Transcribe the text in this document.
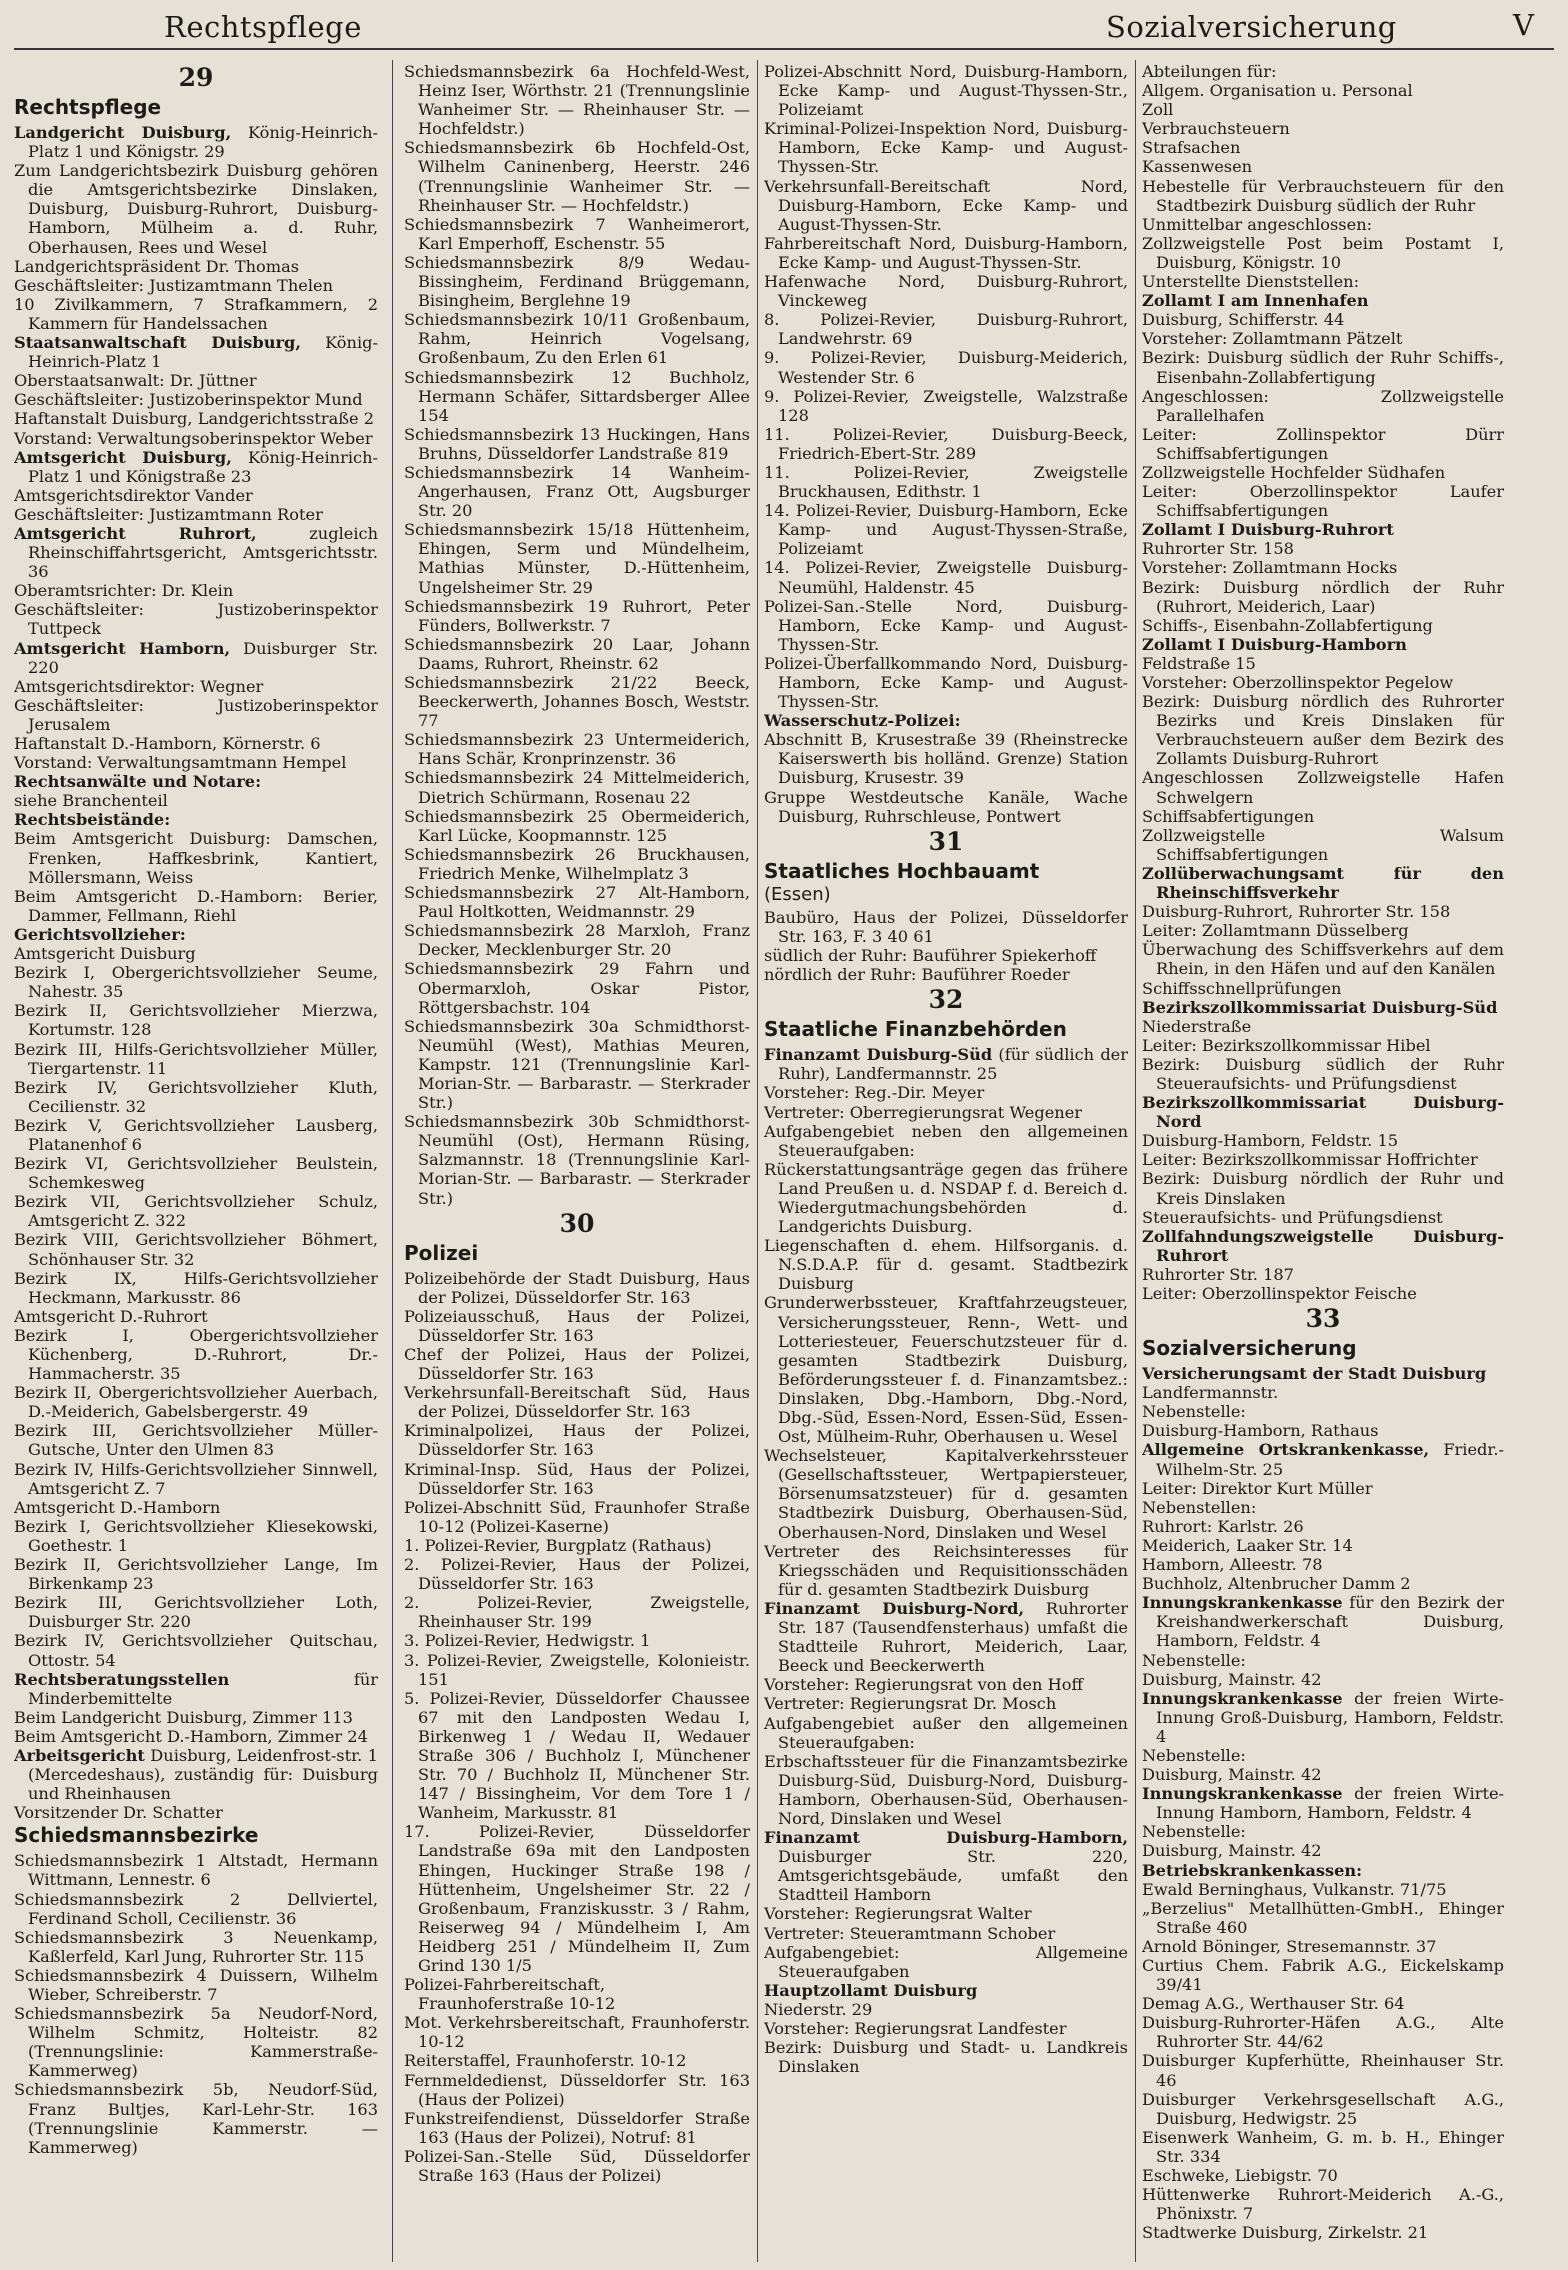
Rechtspflege	Sozialversicherung	V
29
Rechtspflege
Landgericht Duisburg, König-Heinrich-Platz 1 und Königstr. 29
Zum Landgerichtsbezirk Duisburg gehören die Amtsgerichtsbezirke Dinslaken, Duisburg, Duisburg-Ruhrort, Duisburg-Hamborn, Mülheim a. d. Ruhr, Oberhausen, Rees und Wesel
Landgerichtspräsident Dr. Thomas
Geschäftsleiter: Justizamtmann Thelen
10 Zivilkammern, 7 Strafkammern, 2 Kammern für Handelssachen
Staatsanwaltschaft Duisburg, König-Heinrich-Platz 1
Oberstaatsanwalt: Dr. Jüttner
Geschäftsleiter: Justizoberinspektor Mund
Haftanstalt Duisburg, Landgerichtsstraße 2
Vorstand: Verwaltungsoberinspektor Weber
Amtsgericht Duisburg, König-Heinrich-Platz 1 und Königstraße 23
Amtsgerichtsdirektor Vander
Geschäftsleiter: Justizamtmann Roter
Amtsgericht Ruhrort, zugleich Rheinschiffahrtsgericht, Amtsgerichtsstr. 36
Oberamtsrichter: Dr. Klein
Geschäftsleiter: Justizoberinspektor Tuttpeck
Amtsgericht Hamborn, Duisburger Str. 220
Amtsgerichtsdirektor: Wegner
Geschäftsleiter: Justizoberinspektor Jerusalem
Haftanstalt D.-Hamborn, Körnerstr. 6
Vorstand: Verwaltungsamtmann Hempel
Rechtsanwälte und Notare:
siehe Branchenteil
Rechtsbeistände:
Beim Amtsgericht Duisburg: Damschen, Frenken, Haffkesbrink, Kantiert, Möllersmann, Weiss
Beim Amtsgericht D.-Hamborn: Berier, Dammer, Fellmann, Riehl
Gerichtsvollzieher:
Amtsgericht Duisburg
Bezirk I, Obergerichtsvollzieher Seume, Nahestr. 35
Bezirk II, Gerichtsvollzieher Mierzwa, Kortumstr. 128
Bezirk III, Hilfs-Gerichtsvollzieher Müller, Tiergartenstr. 11
Bezirk IV, Gerichtsvollzieher Kluth, Cecilienstr. 32
Bezirk V, Gerichtsvollzieher Lausberg, Platanenhof 6
Bezirk VI, Gerichtsvollzieher Beulstein, Schemkesweg
Bezirk VII, Gerichtsvollzieher Schulz, Amtsgericht Z. 322
Bezirk VIII, Gerichtsvollzieher Böhmert, Schönhauser Str. 32
Bezirk IX, Hilfs-Gerichtsvollzieher Heckmann, Markusstr. 86
Amtsgericht D.-Ruhrort
Bezirk I, Obergerichtsvollzieher Küchenberg, D.-Ruhrort, Dr.-Hammacherstr. 35
Bezirk II, Obergerichtsvollzieher Auerbach, D.-Meiderich, Gabelsbergerstr. 49
Bezirk III, Gerichtsvollzieher Müller-Gutsche, Unter den Ulmen 83
Bezirk IV, Hilfs-Gerichtsvollzieher Sinnwell, Amtsgericht Z. 7
Amtsgericht D.-Hamborn
Bezirk I, Gerichtsvollzieher Kliesekowski, Goethestr. 1
Bezirk II, Gerichtsvollzieher Lange, Im Birkenkamp 23
Bezirk III, Gerichtsvollzieher Loth, Duisburger Str. 220
Bezirk IV, Gerichtsvollzieher Quitschau, Ottostr. 54
Rechtsberatungsstellen für Minderbemittelte
Beim Landgericht Duisburg, Zimmer 113
Beim Amtsgericht D.-Hamborn, Zimmer 24
Arbeitsgericht Duisburg, Leidenfrost-str. 1 (Mercedeshaus), zuständig für: Duisburg und Rheinhausen
Vorsitzender Dr. Schatter
Schiedsmannsbezirke
Schiedsmannsbezirk 1 Altstadt, Hermann Wittmann, Lennestr. 6
Schiedsmannsbezirk 2 Dellviertel, Ferdinand Scholl, Cecilienstr. 36
Schiedsmannsbezirk 3 Neuenkamp, Kaßlerfeld, Karl Jung, Ruhrorter Str. 115
Schiedsmannsbezirk 4 Duissern, Wilhelm Wieber, Schreiberstr. 7
Schiedsmannsbezirk 5a Neudorf-Nord, Wilhelm Schmitz, Holteistr. 82 (Trennungslinie: Kammerstraße-Kammerweg)
Schiedsmannsbezirk 5b, Neudorf-Süd, Franz Bultjes, Karl-Lehr-Str. 163 (Trennungslinie Kammerstr. — Kammerweg)
Schiedsmannsbezirk 6a Hochfeld-West, Heinz Iser, Wörthstr. 21 (Trennungslinie Wanheimer Str. — Rheinhauser Str. — Hochfeldstr.)
Schiedsmannsbezirk 6b Hochfeld-Ost, Wilhelm Caninenberg, Heerstr. 246 (Trennungslinie Wanheimer Str. — Rheinhauser Str. — Hochfeldstr.)
Schiedsmannsbezirk 7 Wanheimerort, Karl Emperhoff, Eschenstr. 55
Schiedsmannsbezirk 8/9 Wedau-Bissingheim, Ferdinand Brüggemann, Bisingheim, Berglehne 19
Schiedsmannsbezirk 10/11 Großenbaum, Rahm, Heinrich Vogelsang, Großenbaum, Zu den Erlen 61
Schiedsmannsbezirk 12 Buchholz, Hermann Schäfer, Sittardsberger Allee 154
Schiedsmannsbezirk 13 Huckingen, Hans Bruhns, Düsseldorfer Landstraße 819
Schiedsmannsbezirk 14 Wanheim-Angerhausen, Franz Ott, Augsburger Str. 20
Schiedsmannsbezirk 15/18 Hüttenheim, Ehingen, Serm und Mündelheim, Mathias Münster, D.-Hüttenheim, Ungelsheimer Str. 29
Schiedsmannsbezirk 19 Ruhrort, Peter Fünders, Bollwerkstr. 7
Schiedsmannsbezirk 20 Laar, Johann Daams, Ruhrort, Rheinstr. 62
Schiedsmannsbezirk 21/22 Beeck, Beeckerwerth, Johannes Bosch, Weststr. 77
Schiedsmannsbezirk 23 Untermeiderich, Hans Schär, Kronprinzenstr. 36
Schiedsmannsbezirk 24 Mittelmeiderich, Dietrich Schürmann, Rosenau 22
Schiedsmannsbezirk 25 Obermeiderich, Karl Lücke, Koopmannstr. 125
Schiedsmannsbezirk 26 Bruckhausen, Friedrich Menke, Wilhelmplatz 3
Schiedsmannsbezirk 27 Alt-Hamborn, Paul Holtkotten, Weidmannstr. 29
Schiedsmannsbezirk 28 Marxloh, Franz Decker, Mecklenburger Str. 20
Schiedsmannsbezirk 29 Fahrn und Obermarxloh, Oskar Pistor, Röttgersbachstr. 104
Schiedsmannsbezirk 30a Schmidthorst-Neumühl (West), Mathias Meuren, Kampstr. 121 (Trennungslinie Karl-Morian-Str. — Barbarastr. — Sterkrader Str.)
Schiedsmannsbezirk 30b Schmidthorst-Neumühl (Ost), Hermann Rüsing, Salzmannstr. 18 (Trennungslinie Karl-Morian-Str. — Barbarastr. — Sterkrader Str.)
30
Polizei
Polizeibehörde der Stadt Duisburg, Haus der Polizei, Düsseldorfer Str. 163
Polizeiausschuß, Haus der Polizei, Düsseldorfer Str. 163
Chef der Polizei, Haus der Polizei, Düsseldorfer Str. 163
Verkehrsunfall-Bereitschaft Süd, Haus der Polizei, Düsseldorfer Str. 163
Kriminalpolizei, Haus der Polizei, Düsseldorfer Str. 163
Kriminal-Insp. Süd, Haus der Polizei, Düsseldorfer Str. 163
Polizei-Abschnitt Süd, Fraunhofer Straße 10-12 (Polizei-Kaserne)
1. Polizei-Revier, Burgplatz (Rathaus)
2. Polizei-Revier, Haus der Polizei, Düsseldorfer Str. 163
2. Polizei-Revier, Zweigstelle, Rheinhauser Str. 199
3. Polizei-Revier, Hedwigstr. 1
3. Polizei-Revier, Zweigstelle, Kolonieistr. 151
5. Polizei-Revier, Düsseldorfer Chaussee 67 mit den Landposten Wedau I, Birkenweg 1 / Wedau II, Wedauer Straße 306 / Buchholz I, Münchener Str. 70 / Buchholz II, Münchener Str. 147 / Bissingheim, Vor dem Tore 1 / Wanheim, Markusstr. 81
17. Polizei-Revier, Düsseldorfer Landstraße 69a mit den Landposten Ehingen, Huckinger Straße 198 / Hüttenheim, Ungelsheimer Str. 22 / Großenbaum, Franziskusstr. 3 / Rahm, Reiserweg 94 / Mündelheim I, Am Heidberg 251 / Mündelheim II, Zum Grind 130 1/5
Polizei-Fahrbereitschaft, Fraunhoferstraße 10-12
Mot. Verkehrsbereitschaft, Fraunhoferstr. 10-12
Reiterstaffel, Fraunhoferstr. 10-12
Fernmeldedienst, Düsseldorfer Str. 163 (Haus der Polizei)
Funkstreifendienst, Düsseldorfer Straße 163 (Haus der Polizei), Notruf: 81
Polizei-San.-Stelle Süd, Düsseldorfer Straße 163 (Haus der Polizei)
Polizei-Abschnitt Nord, Duisburg-Hamborn, Ecke Kamp- und August-Thyssen-Str., Polizeiamt
Kriminal-Polizei-Inspektion Nord, Duisburg-Hamborn, Ecke Kamp- und August-Thyssen-Str.
Verkehrsunfall-Bereitschaft Nord, Duisburg-Hamborn, Ecke Kamp- und August-Thyssen-Str.
Fahrbereitschaft Nord, Duisburg-Hamborn, Ecke Kamp- und August-Thyssen-Str.
Hafenwache Nord, Duisburg-Ruhrort, Vinckeweg
8. Polizei-Revier, Duisburg-Ruhrort, Landwehrstr. 69
9. Polizei-Revier, Duisburg-Meiderich, Westender Str. 6
9. Polizei-Revier, Zweigstelle, Walzstraße 128
11. Polizei-Revier, Duisburg-Beeck, Friedrich-Ebert-Str. 289
11. Polizei-Revier, Zweigstelle Bruckhausen, Edithstr. 1
14. Polizei-Revier, Duisburg-Hamborn, Ecke Kamp- und August-Thyssen-Straße, Polizeiamt
14. Polizei-Revier, Zweigstelle Duisburg-Neumühl, Haldenstr. 45
Polizei-San.-Stelle Nord, Duisburg-Hamborn, Ecke Kamp- und August-Thyssen-Str.
Polizei-Überfallkommando Nord, Duisburg-Hamborn, Ecke Kamp- und August-Thyssen-Str.
Wasserschutz-Polizei:
Abschnitt B, Krusestraße 39 (Rheinstrecke Kaiserswerth bis holländ. Grenze) Station Duisburg, Krusestr. 39
Gruppe Westdeutsche Kanäle, Wache Duisburg, Ruhrschleuse, Pontwert
31
Staatliches Hochbauamt
(Essen)
Baubüro, Haus der Polizei, Düsseldorfer Str. 163, F. 3 40 61
südlich der Ruhr: Bauführer Spiekerhoff
nördlich der Ruhr: Bauführer Roeder
32
Staatliche Finanzbehörden
Finanzamt Duisburg-Süd (für südlich der Ruhr), Landfermannstr. 25
Vorsteher: Reg.-Dir. Meyer
Vertreter: Oberregierungsrat Wegener
Aufgabengebiet neben den allgemeinen Steueraufgaben:
Rückerstattungsanträge gegen das frühere Land Preußen u. d. NSDAP f. d. Bereich d. Wiedergutmachungsbehörden d. Landgerichts Duisburg.
Liegenschaften d. ehem. Hilfsorganis. d. N.S.D.A.P. für d. gesamt. Stadtbezirk Duisburg
Grunderwerbssteuer, Kraftfahrzeugsteuer, Versicherungssteuer, Renn-, Wett- und Lotteriesteuer, Feuerschutzsteuer für d. gesamten Stadtbezirk Duisburg, Beförderungssteuer f. d. Finanzamtsbez.: Dinslaken, Dbg.-Hamborn, Dbg.-Nord, Dbg.-Süd, Essen-Nord, Essen-Süd, Essen-Ost, Mülheim-Ruhr, Oberhausen u. Wesel
Wechselsteuer, Kapitalverkehrssteuer (Gesellschaftssteuer, Wertpapiersteuer, Börsenumsatzsteuer) für d. gesamten Stadtbezirk Duisburg, Oberhausen-Süd, Oberhausen-Nord, Dinslaken und Wesel
Vertreter des Reichsinteresses für Kriegsschäden und Requisitionsschäden für d. gesamten Stadtbezirk Duisburg
Finanzamt Duisburg-Nord, Ruhrorter Str. 187 (Tausendfensterhaus) umfaßt die Stadtteile Ruhrort, Meiderich, Laar, Beeck und Beeckerwerth
Vorsteher: Regierungsrat von den Hoff
Vertreter: Regierungsrat Dr. Mosch
Aufgabengebiet außer den allgemeinen Steueraufgaben:
Erbschaftssteuer für die Finanzamtsbezirke Duisburg-Süd, Duisburg-Nord, Duisburg-Hamborn, Oberhausen-Süd, Oberhausen-Nord, Dinslaken und Wesel
Finanzamt Duisburg-Hamborn, Duisburger Str. 220, Amtsgerichtsgebäude, umfaßt den Stadtteil Hamborn
Vorsteher: Regierungsrat Walter
Vertreter: Steueramtmann Schober
Aufgabengebiet: Allgemeine Steueraufgaben
Hauptzollamt Duisburg
Niederstr. 29
Vorsteher: Regierungsrat Landfester
Bezirk: Duisburg und Stadt- u. Landkreis Dinslaken
Abteilungen für:
Allgem. Organisation u. Personal
Zoll
Verbrauchsteuern
Strafsachen
Kassenwesen
Hebestelle für Verbrauchsteuern für den Stadtbezirk Duisburg südlich der Ruhr
Unmittelbar angeschlossen:
Zollzweigstelle Post beim Postamt I, Duisburg, Königstr. 10
Unterstellte Dienststellen:
Zollamt I am Innenhafen
Duisburg, Schifferstr. 44
Vorsteher: Zollamtmann Pätzelt
Bezirk: Duisburg südlich der Ruhr Schiffs-, Eisenbahn-Zollabfertigung
Angeschlossen: Zollzweigstelle Parallelhafen
Leiter: Zollinspektor Dürr Schiffsabfertigungen
Zollzweigstelle Hochfelder Südhafen
Leiter: Oberzollinspektor Laufer Schiffsabfertigungen
Zollamt I Duisburg-Ruhrort
Ruhrorter Str. 158
Vorsteher: Zollamtmann Hocks
Bezirk: Duisburg nördlich der Ruhr (Ruhrort, Meiderich, Laar)
Schiffs-, Eisenbahn-Zollabfertigung
Zollamt I Duisburg-Hamborn
Feldstraße 15
Vorsteher: Oberzollinspektor Pegelow
Bezirk: Duisburg nördlich des Ruhrorter Bezirks und Kreis Dinslaken für Verbrauchsteuern außer dem Bezirk des Zollamts Duisburg-Ruhrort
Angeschlossen Zollzweigstelle Hafen Schwelgern
Schiffsabfertigungen
Zollzweigstelle Walsum Schiffsabfertigungen
Zollüberwachungsamt für den Rheinschiffsverkehr
Duisburg-Ruhrort, Ruhrorter Str. 158
Leiter: Zollamtmann Düsselberg
Überwachung des Schiffsverkehrs auf dem Rhein, in den Häfen und auf den Kanälen
Schiffsschnellprüfungen
Bezirkszollkommissariat Duisburg-Süd
Niederstraße
Leiter: Bezirkszollkommissar Hibel
Bezirk: Duisburg südlich der Ruhr Steueraufsichts- und Prüfungsdienst
Bezirkszollkommissariat Duisburg-Nord
Duisburg-Hamborn, Feldstr. 15
Leiter: Bezirkszollkommissar Hoffrichter
Bezirk: Duisburg nördlich der Ruhr und Kreis Dinslaken
Steueraufsichts- und Prüfungsdienst
Zollfahndungszweigstelle Duisburg-Ruhrort
Ruhrorter Str. 187
Leiter: Oberzollinspektor Feische
33
Sozialversicherung
Versicherungsamt der Stadt Duisburg
Landfermannstr.
Nebenstelle:
Duisburg-Hamborn, Rathaus
Allgemeine Ortskrankenkasse, Friedr.-Wilhelm-Str. 25
Leiter: Direktor Kurt Müller
Nebenstellen:
Ruhrort: Karlstr. 26
Meiderich, Laaker Str. 14
Hamborn, Alleestr. 78
Buchholz, Altenbrucher Damm 2
Innungskrankenkasse für den Bezirk der Kreishandwerkerschaft Duisburg, Hamborn, Feldstr. 4
Nebenstelle:
Duisburg, Mainstr. 42
Innungskrankenkasse der freien Wirte-Innung Groß-Duisburg, Hamborn, Feldstr. 4
Nebenstelle:
Duisburg, Mainstr. 42
Innungskrankenkasse der freien Wirte-Innung Hamborn, Hamborn, Feldstr. 4
Nebenstelle:
Duisburg, Mainstr. 42
Betriebskrankenkassen:
Ewald Berninghaus, Vulkanstr. 71/75
„Berzelius" Metallhütten-GmbH., Ehinger Straße 460
Arnold Böninger, Stresemannstr. 37
Curtius Chem. Fabrik A.G., Eickelskamp 39/41
Demag A.G., Werthauser Str. 64
Duisburg-Ruhrorter-Häfen A.G., Alte Ruhrorter Str. 44/62
Duisburger Kupferhütte, Rheinhauser Str. 46
Duisburger Verkehrsgesellschaft A.G., Duisburg, Hedwigstr. 25
Eisenwerk Wanheim, G. m. b. H., Ehinger Str. 334
Eschweke, Liebigstr. 70
Hüttenwerke Ruhrort-Meiderich A.-G., Phönixstr. 7
Stadtwerke Duisburg, Zirkelstr. 21
